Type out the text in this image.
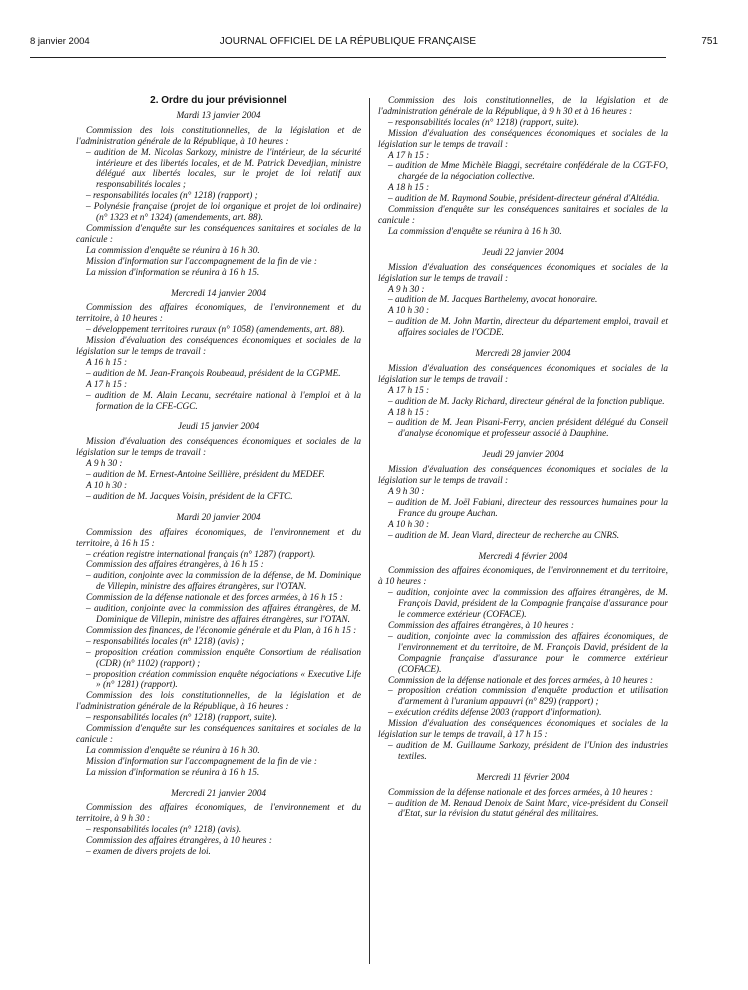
8 janvier 2004	JOURNAL OFFICIEL DE LA RÉPUBLIQUE FRANÇAISE	751
2. Ordre du jour prévisionnel
Mardi 13 janvier 2004
Commission des lois constitutionnelles, de la législation et de l'administration générale de la République, à 10 heures :
– audition de M. Nicolas Sarkozy, ministre de l'intérieur, de la sécurité intérieure et des libertés locales, et de M. Patrick Devedjian, ministre délégué aux libertés locales, sur le projet de loi relatif aux responsabilités locales ;
– responsabilités locales (n° 1218) (rapport) ;
– Polynésie française (projet de loi organique et projet de loi ordinaire) (n° 1323 et n° 1324) (amendements, art. 88).
Commission d'enquête sur les conséquences sanitaires et sociales de la canicule :
La commission d'enquête se réunira à 16 h 30.
Mission d'information sur l'accompagnement de la fin de vie :
La mission d'information se réunira à 16 h 15.
Mercredi 14 janvier 2004
Commission des affaires économiques, de l'environnement et du territoire, à 10 heures :
– développement territoires ruraux (n° 1058) (amendements, art. 88).
Mission d'évaluation des conséquences économiques et sociales de la législation sur le temps de travail :
A 16 h 15 :
– audition de M. Jean-François Roubeaud, président de la CGPME.
A 17 h 15 :
– audition de M. Alain Lecanu, secrétaire national à l'emploi et à la formation de la CFE-CGC.
Jeudi 15 janvier 2004
Mission d'évaluation des conséquences économiques et sociales de la législation sur le temps de travail :
A 9 h 30 :
– audition de M. Ernest-Antoine Seillière, président du MEDEF.
A 10 h 30 :
– audition de M. Jacques Voisin, président de la CFTC.
Mardi 20 janvier 2004
Commission des affaires économiques, de l'environnement et du territoire, à 16 h 15 :
– création registre international français (n° 1287) (rapport).
Commission des affaires étrangères, à 16 h 15 :
– audition, conjointe avec la commission de la défense, de M. Dominique de Villepin, ministre des affaires étrangères, sur l'OTAN.
Commission de la défense nationale et des forces armées, à 16 h 15 :
– audition, conjointe avec la commission des affaires étrangères, de M. Dominique de Villepin, ministre des affaires étrangères, sur l'OTAN.
Commission des finances, de l'économie générale et du Plan, à 16 h 15 :
– responsabilités locales (n° 1218) (avis) ;
– proposition création commission enquête Consortium de réalisation (CDR) (n° 1102) (rapport) ;
– proposition création commission enquête négociations « Executive Life » (n° 1281) (rapport).
Commission des lois constitutionnelles, de la législation et de l'administration générale de la République, à 16 heures :
– responsabilités locales (n° 1218) (rapport, suite).
Commission d'enquête sur les conséquences sanitaires et sociales de la canicule :
La commission d'enquête se réunira à 16 h 30.
Mission d'information sur l'accompagnement de la fin de vie :
La mission d'information se réunira à 16 h 15.
Mercredi 21 janvier 2004
Commission des affaires économiques, de l'environnement et du territoire, à 9 h 30 :
– responsabilités locales (n° 1218) (avis).
Commission des affaires étrangères, à 10 heures :
– examen de divers projets de loi.
Commission des lois constitutionnelles, de la législation et de l'administration générale de la République, à 9 h 30 et à 16 heures :
– responsabilités locales (n° 1218) (rapport, suite).
Mission d'évaluation des conséquences économiques et sociales de la législation sur le temps de travail :
A 17 h 15 :
– audition de Mme Michèle Biaggi, secrétaire confédérale de la CGT-FO, chargée de la négociation collective.
A 18 h 15 :
– audition de M. Raymond Soubie, président-directeur général d'Altédia.
Commission d'enquête sur les conséquences sanitaires et sociales de la canicule :
La commission d'enquête se réunira à 16 h 30.
Jeudi 22 janvier 2004
Mission d'évaluation des conséquences économiques et sociales de la législation sur le temps de travail :
A 9 h 30 :
– audition de M. Jacques Barthelemy, avocat honoraire.
A 10 h 30 :
– audition de M. John Martin, directeur du département emploi, travail et affaires sociales de l'OCDE.
Mercredi 28 janvier 2004
Mission d'évaluation des conséquences économiques et sociales de la législation sur le temps de travail :
A 17 h 15 :
– audition de M. Jacky Richard, directeur général de la fonction publique.
A 18 h 15 :
– audition de M. Jean Pisani-Ferry, ancien président délégué du Conseil d'analyse économique et professeur associé à Dauphine.
Jeudi 29 janvier 2004
Mission d'évaluation des conséquences économiques et sociales de la législation sur le temps de travail :
A 9 h 30 :
– audition de M. Joël Fabiani, directeur des ressources humaines pour la France du groupe Auchan.
A 10 h 30 :
– audition de M. Jean Viard, directeur de recherche au CNRS.
Mercredi 4 février 2004
Commission des affaires économiques, de l'environnement et du territoire, à 10 heures :
– audition, conjointe avec la commission des affaires étrangères, de M. François David, président de la Compagnie française d'assurance pour le commerce extérieur (COFACE).
Commission des affaires étrangères, à 10 heures :
– audition, conjointe avec la commission des affaires économiques, de l'environnement et du territoire, de M. François David, président de la Compagnie française d'assurance pour le commerce extérieur (COFACE).
Commission de la défense nationale et des forces armées, à 10 heures :
– proposition création commission d'enquête production et utilisation d'armement à l'uranium appauvri (n° 829) (rapport) ;
– exécution crédits défense 2003 (rapport d'information).
Mission d'évaluation des conséquences économiques et sociales de la législation sur le temps de travail, à 17 h 15 :
– audition de M. Guillaume Sarkozy, président de l'Union des industries textiles.
Mercredi 11 février 2004
Commission de la défense nationale et des forces armées, à 10 heures :
– audition de M. Renaud Denoix de Saint Marc, vice-président du Conseil d'Etat, sur la révision du statut général des militaires.
